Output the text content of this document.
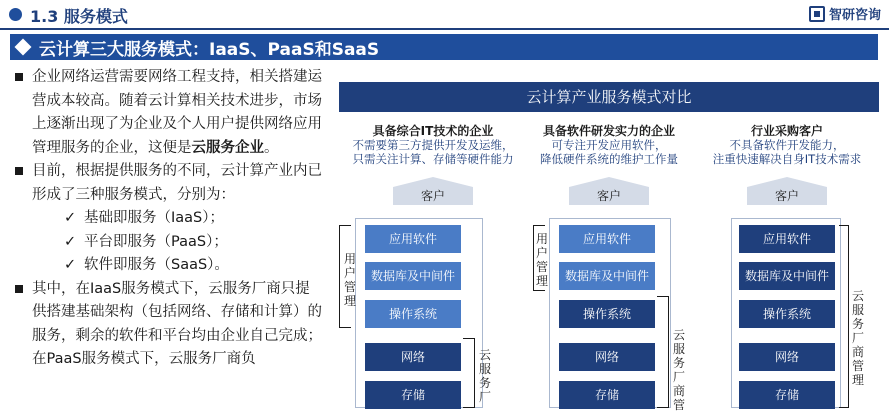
1.3 服务模式	智研咨询
云计算三大服务模式：IaaS、PaaS和SaaS

企业网络运营需要网络工程支持，相关搭建运营成本较高。随着云计算相关技术进步，市场上逐渐出现了为企业及个人用户提供网络应用管理服务的企业，这便是云服务企业。

目前，根据提供服务的不同，云计算产业内已形成了三种服务模式，分别为：

✓ 基础即服务（IaaS）；
✓ 平台即服务（PaaS）；
✓ 软件即服务（SaaS）。

其中，在IaaS服务模式下，云服务厂商只提供搭建基础架构（包括网络、存储和计算）的服务，剩余的软件和平台均由企业自己完成；在PaaS服务模式下，云服务厂商负

云计算产业服务模式对比
具备综合IT技术的企业
不需要第三方提供开发及运维，
只需关注计算、存储等硬件能力
客户
应用软件
数据库及中间件
操作系统
网络
存储
用户管理
云服务厂
具备软件研发实力的企业
可专注开发应用软件，
降低硬件系统的维护工作量
客户
应用软件
数据库及中间件
操作系统
网络
存储
用户管理
云服务厂商管
行业采购客户
不具备软件开发能力，
注重快速解决自身IT技术需求
客户
应用软件
数据库及中间件
操作系统
网络
存储
云服务厂商管理
